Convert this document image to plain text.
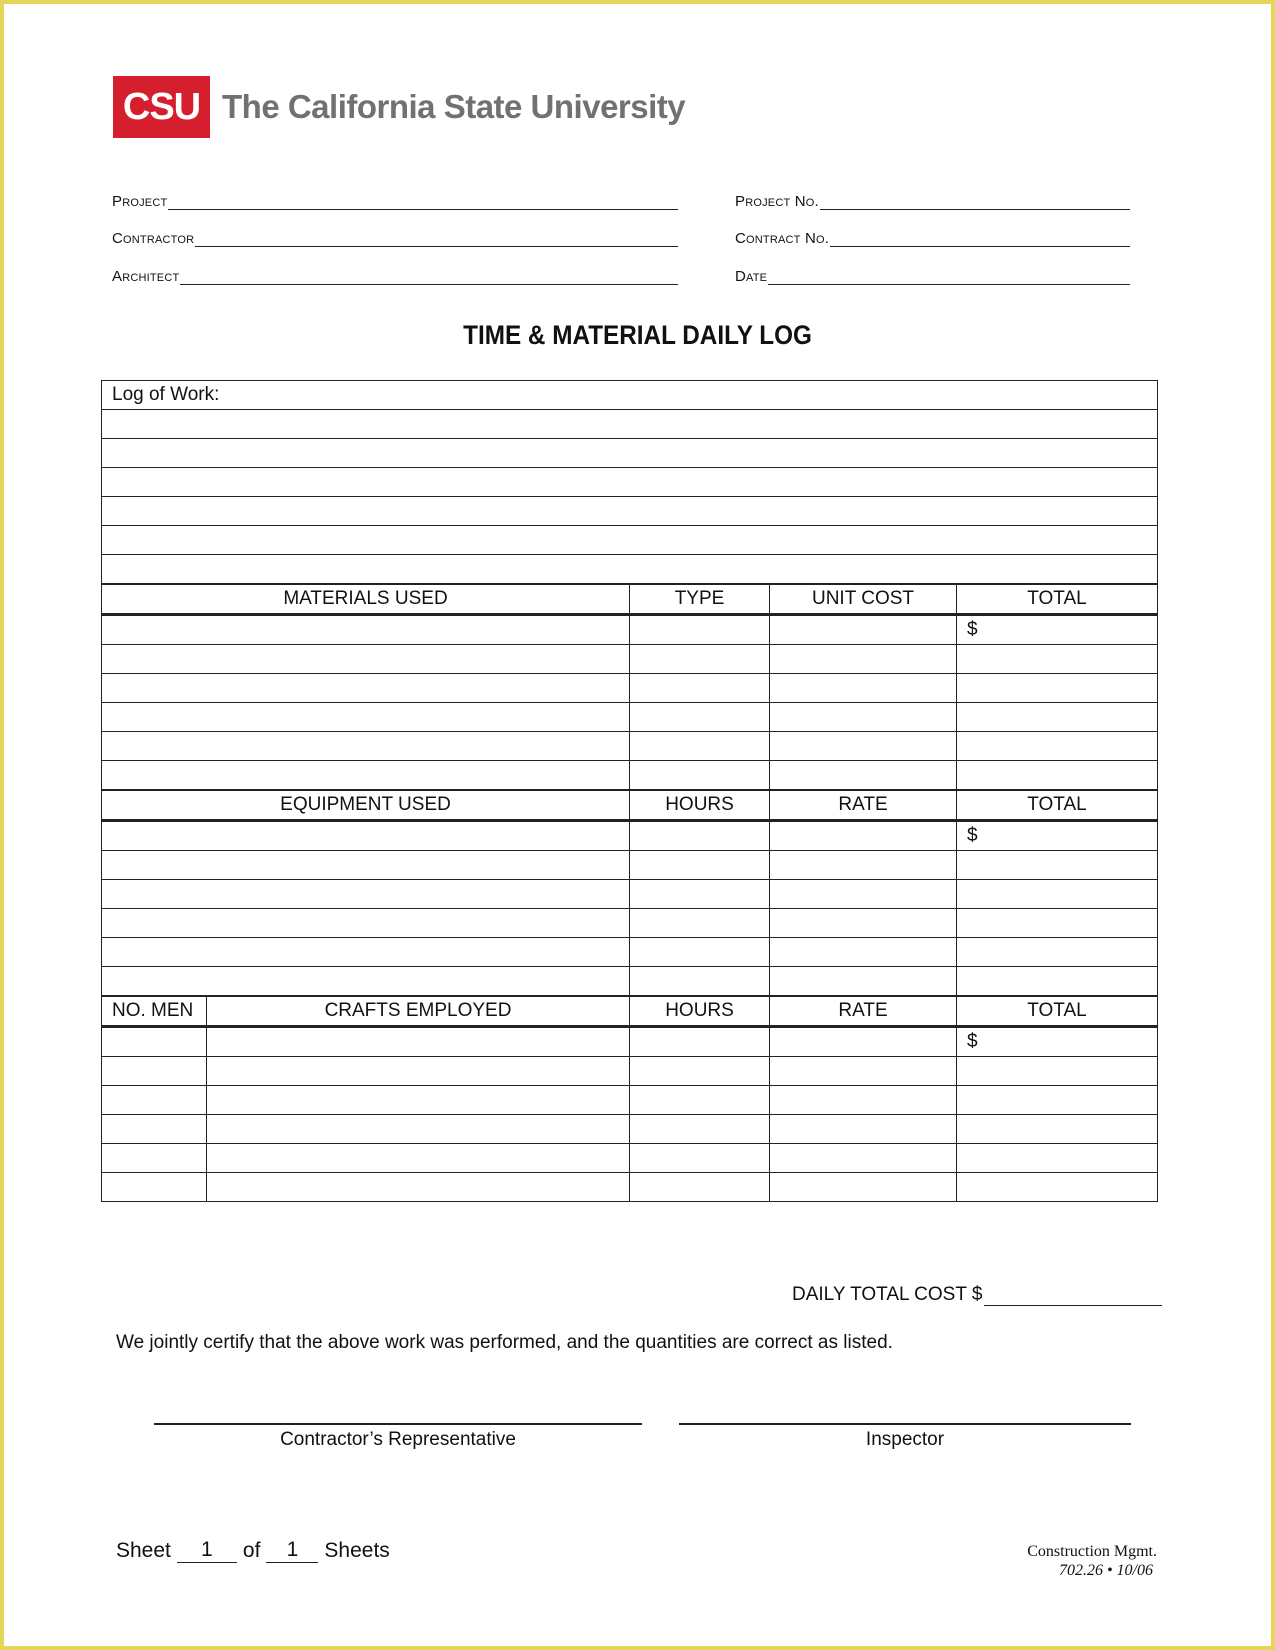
CSU The California State University
Project
Contractor
Architect
Project No.
Contract No.
Date
TIME & MATERIAL DAILY LOG
Log of Work:				

MATERIALS USED		TYPE	UNIT COST	TOTAL
				$

EQUIPMENT USED		HOURS	RATE	TOTAL
				$

NO. MEN	CRAFTS EMPLOYED	HOURS	RATE	TOTAL
				$

DAILY TOTAL COST $
We jointly certify that the above work was performed, and the quantities are correct as listed.
Contractor’s Representative	Inspector
Sheet	1	of	1	Sheets	Construction Mgmt.
702.26 • 10/06
